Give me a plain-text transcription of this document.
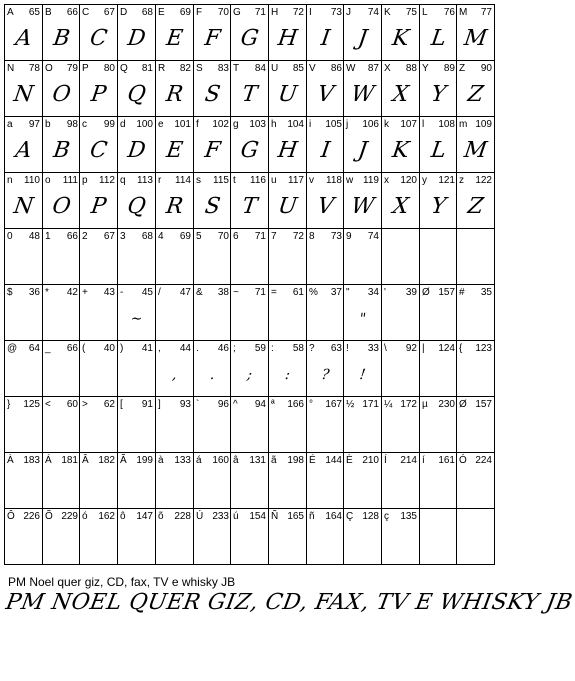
A 65
A
B 66
B
C 67
C
D 68
D
E 69
E
F 70
F
G 71
G
H 72
H
I 73
I
J 74
J
K 75
K
L 76
L
M 77
M
N 78
N
O 79
O
P 80
P
Q 81
Q
R 82
R
S 83
S
T 84
T
U 85
U
V 86
V
W 87
W
X 88
X
Y 89
Y
Z 90
Z
a 97
A
b 98
B
c 99
C
d 100
D
e 101
E
f 102
F
g 103
G
h 104
H
i 105
I
j 106
J
k 107
K
l 108
L
m 109
M
n 110
N
o 111
O
p 112
P
q 113
Q
r 114
R
s 115
S
t 116
T
u 117
U
v 118
V
w 119
W
x 120
X
y 121
Y
z 122
Z
0 48 1 66 2 67 3 68 4 69 5 70 6 71 7 72 8 73 9 74
$ 36 * 42 + 43 - 45
~
/ 47 & 38 ~ 71 = 61 % 37 " 34
"
' 39 Ø 157 # 35
@ 64 _ 66 ( 40 ) 41 , 44
,
. 46
.
; 59
;
: 58
:
? 63
?
! 33
!
\ 92 | 124 { 123
} 125 < 60 > 62 [ 91 ] 93 ` 96 ^ 94 ª 166 ° 167 ½ 171 ¼ 172 µ 230 Ø 157
À 183 Á 181 Â 182 Ã 199 à 133 á 160 â 131 ã 198 É 144 È 210 Í 214 í 161 Ó 224
Ô 226 Õ 229 ó 162 ô 147 õ 228 Ú 233 ú 154 Ñ 165 ñ 164 Ç 128 ç 135
PM Noel quer giz, CD, fax, TV e whisky JB
PM NOEL QUER GIZ, CD, FAX, TV E WHISKY JB
